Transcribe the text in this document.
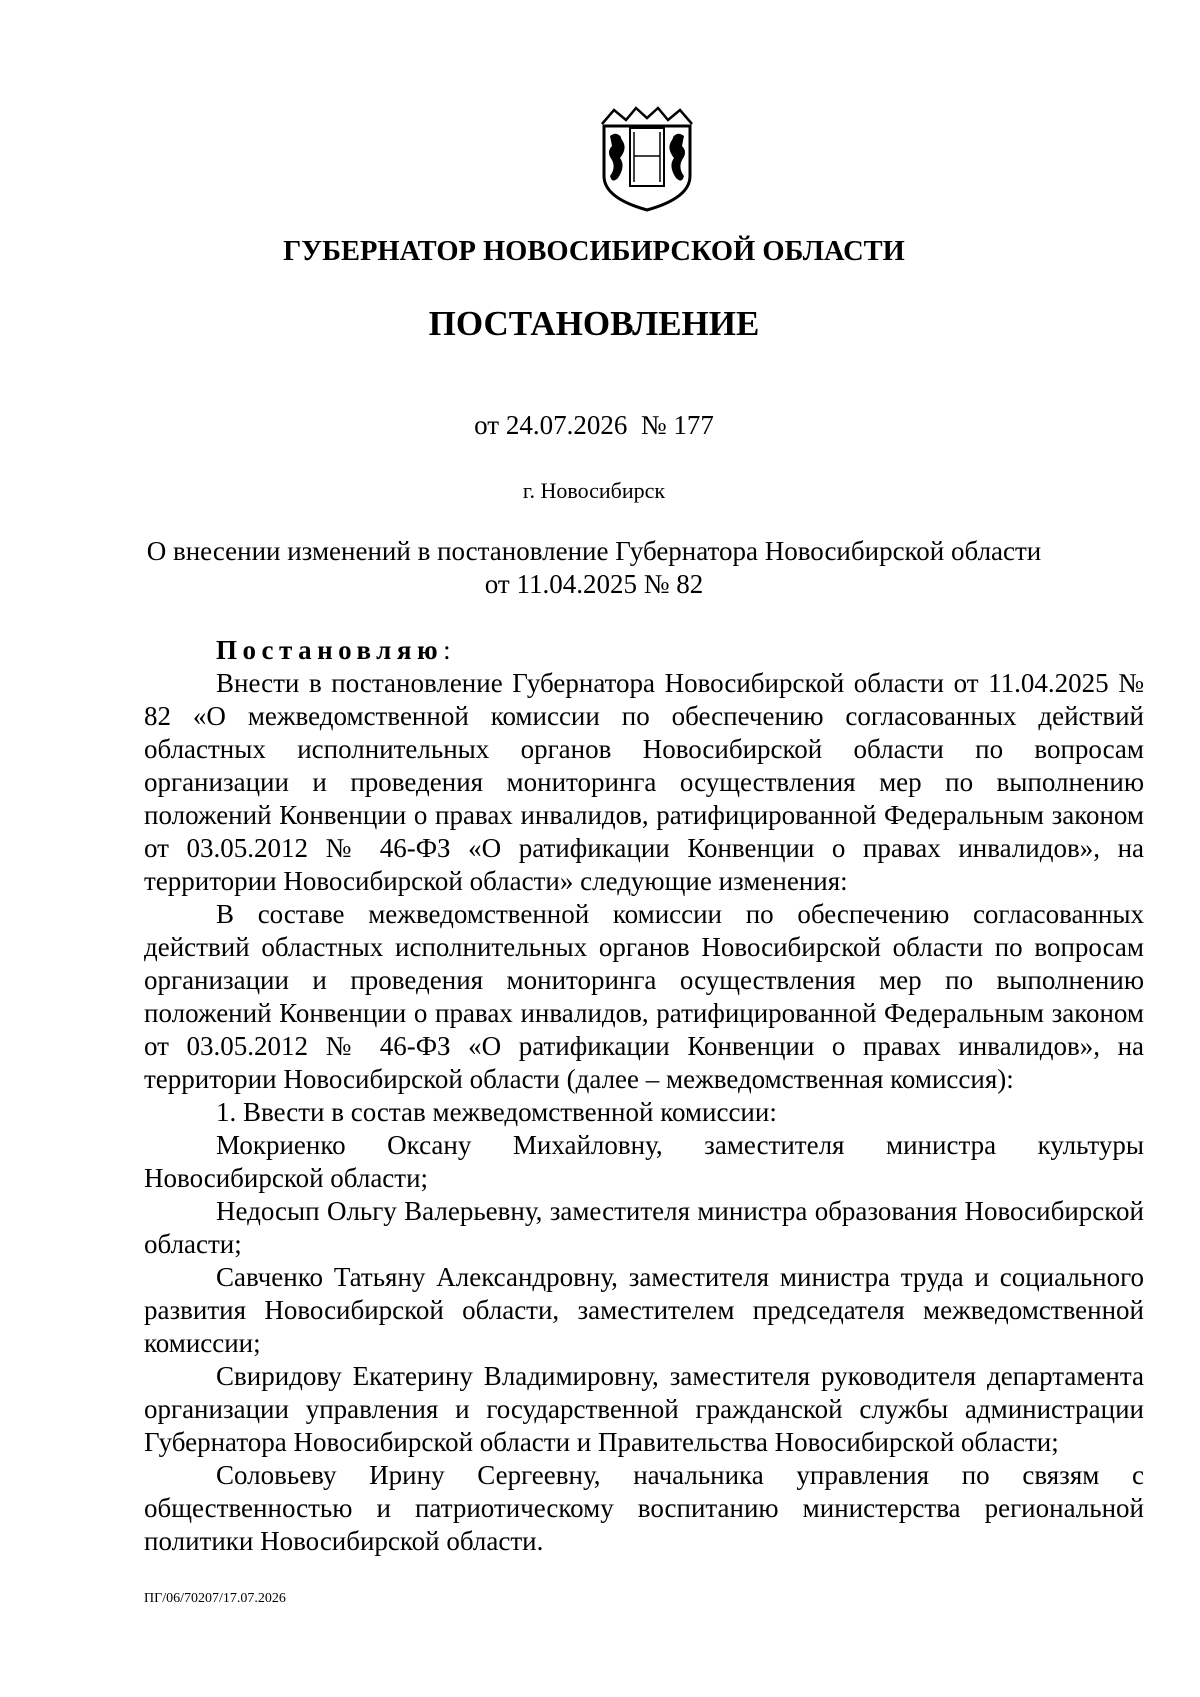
ГУБЕРНАТОР НОВОСИБИРСКОЙ ОБЛАСТИ
ПОСТАНОВЛЕНИЕ
от 24.07.2026  № 177
г. Новосибирск
О внесении изменений в постановление Губернатора Новосибирской области
от 11.04.2025 № 82

Постановляю:

Внести в постановление Губернатора Новосибирской области от 11.04.2025 № 82 «О межведомственной комиссии по обеспечению согласованных действий областных исполнительных органов Новосибирской области по вопросам организации и проведения мониторинга осуществления мер по выполнению положений Конвенции о правах инвалидов, ратифицированной Федеральным законом от 03.05.2012 № 46-ФЗ «О ратификации Конвенции о правах инвалидов», на территории Новосибирской области» следующие изменения:

В составе межведомственной комиссии по обеспечению согласованных действий областных исполнительных органов Новосибирской области по вопросам организации и проведения мониторинга осуществления мер по выполнению положений Конвенции о правах инвалидов, ратифицированной Федеральным законом от 03.05.2012 № 46-ФЗ «О ратификации Конвенции о правах инвалидов», на территории Новосибирской области (далее – межведомственная комиссия):

1. Ввести в состав межведомственной комиссии:

Мокриенко Оксану Михайловну, заместителя министра культуры Новосибирской области;

Недосып Ольгу Валерьевну, заместителя министра образования Новосибирской области;

Савченко Татьяну Александровну, заместителя министра труда и социального развития Новосибирской области, заместителем председателя межведомственной комиссии;

Свиридову Екатерину Владимировну, заместителя руководителя департамента организации управления и государственной гражданской службы администрации Губернатора Новосибирской области и Правительства Новосибирской области;

Соловьеву Ирину Сергеевну, начальника управления по связям с общественностью и патриотическому воспитанию министерства региональной политики Новосибирской области.

ПГ/06/70207/17.07.2026
